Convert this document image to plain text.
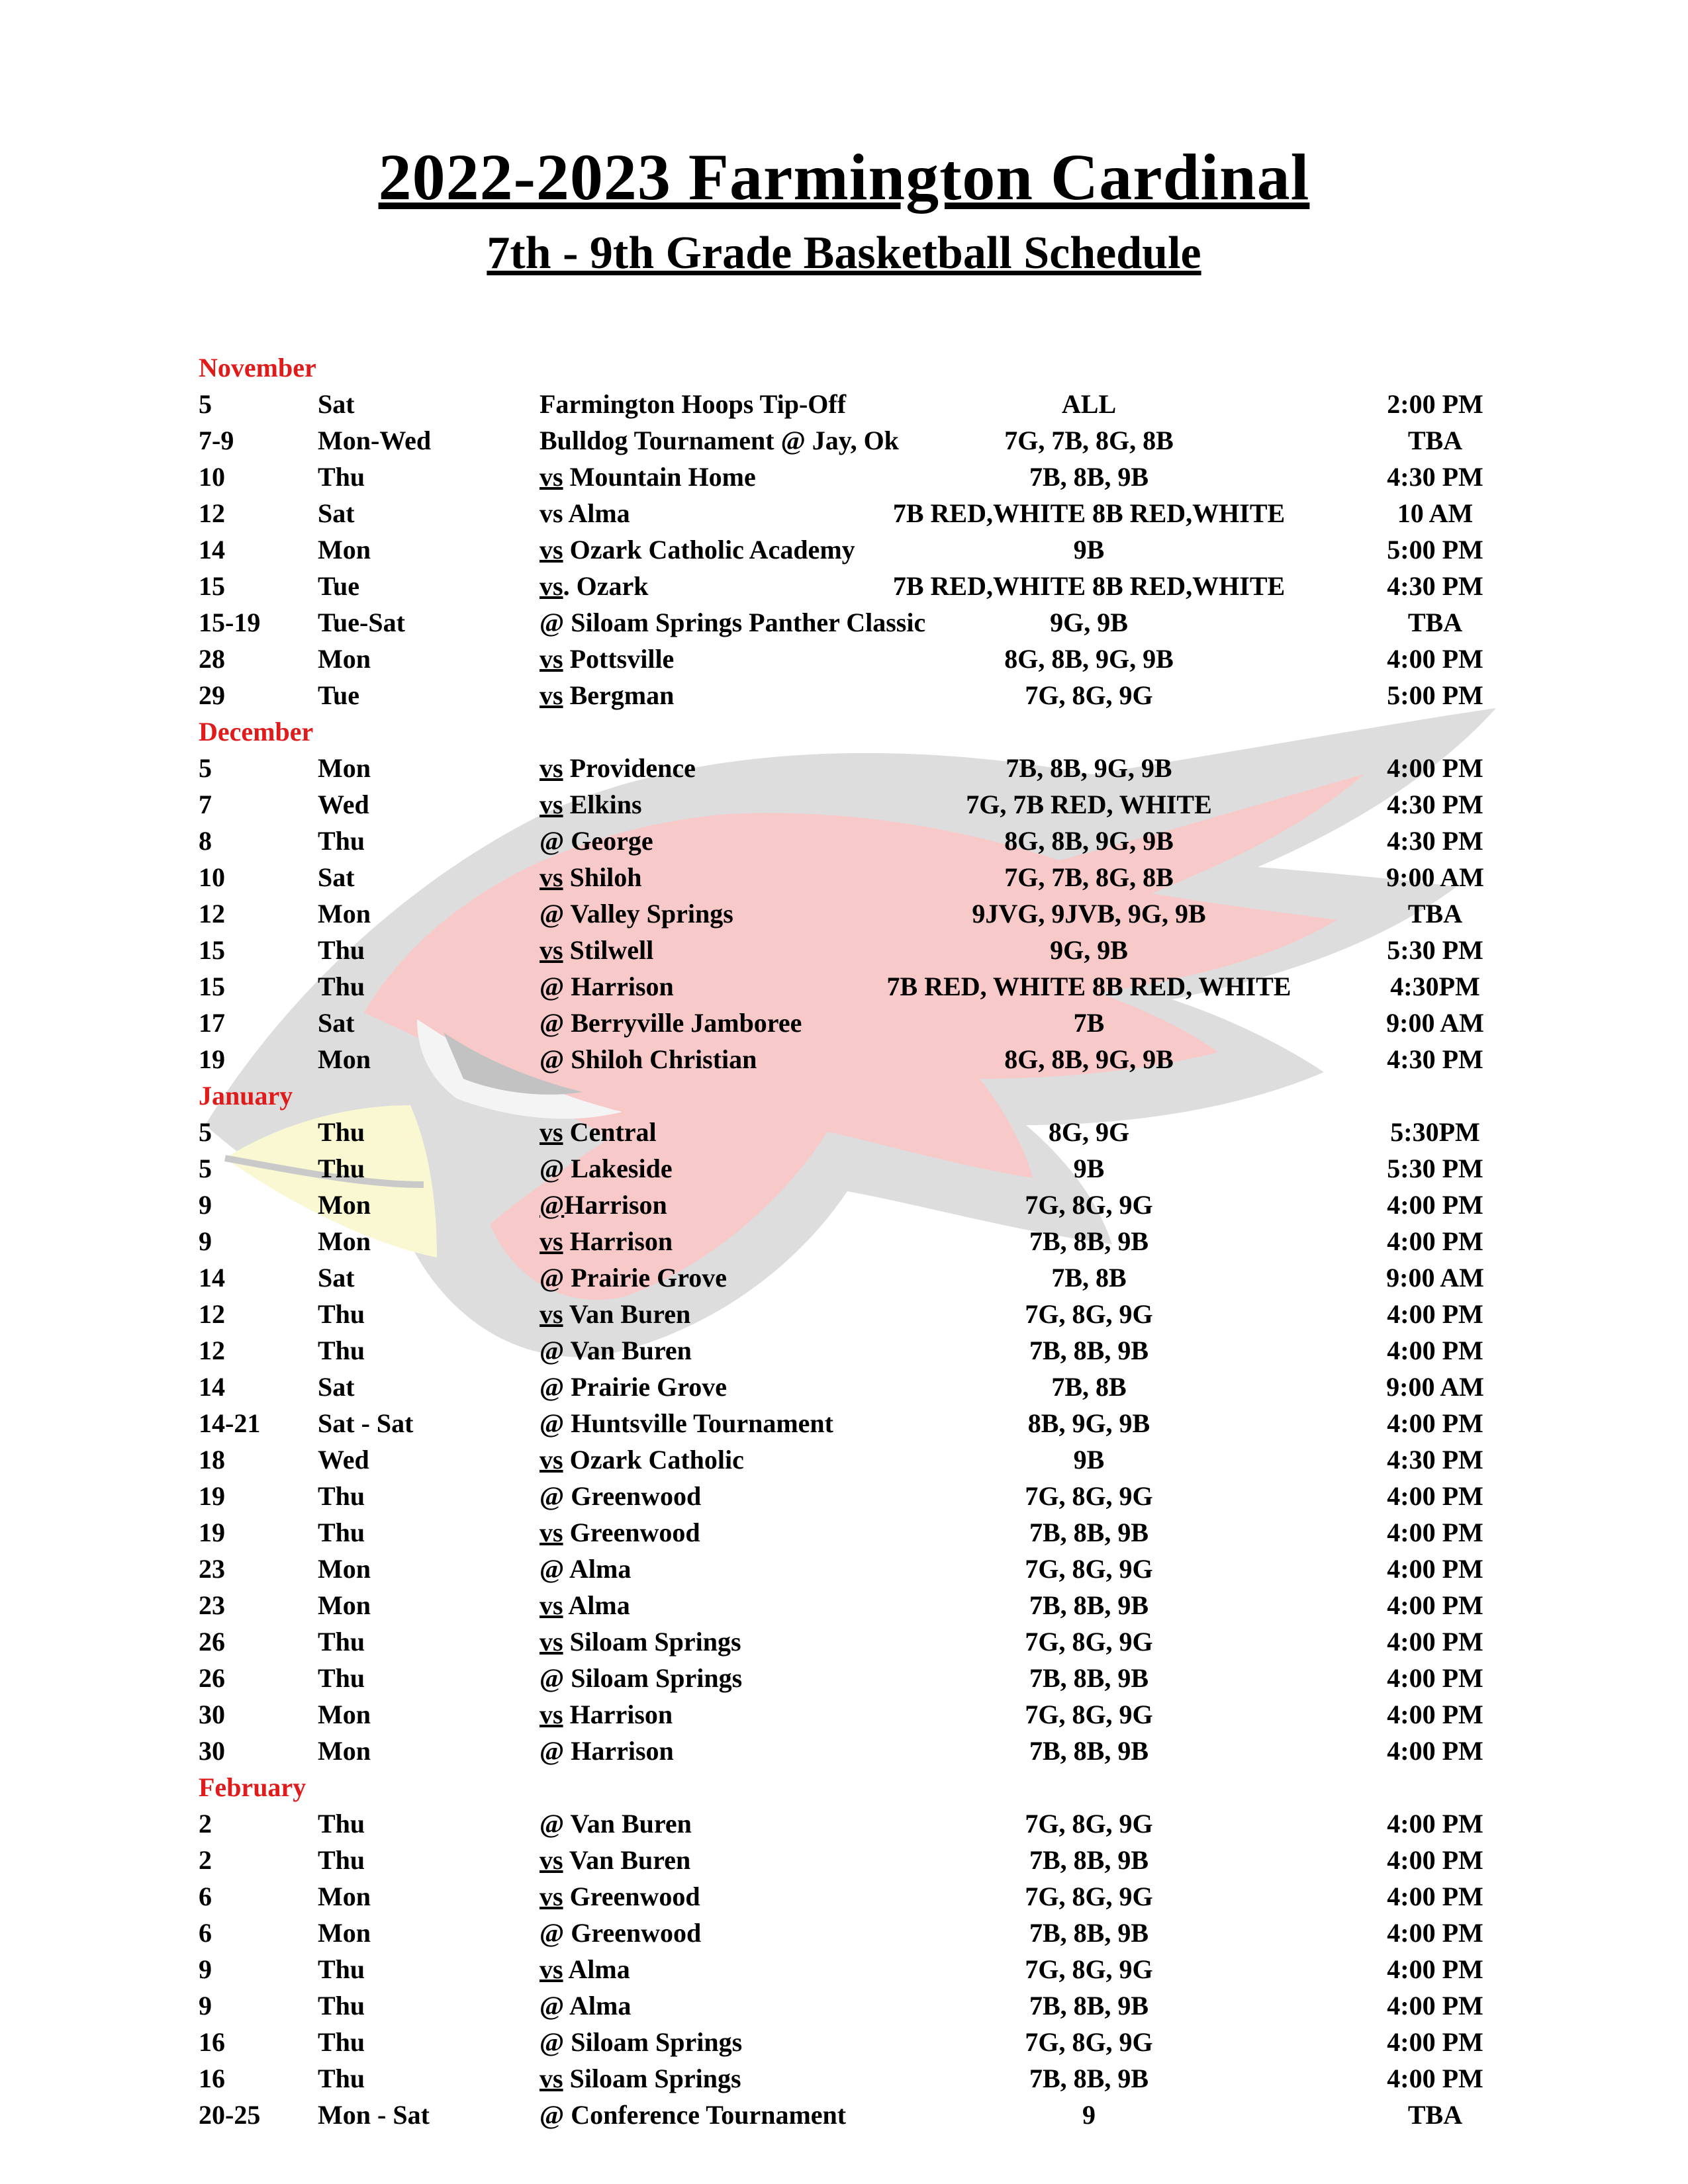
2022-2023 Farmington Cardinal
7th - 9th Grade Basketball Schedule
November
5	Sat	Farmington Hoops Tip-Off	ALL	2:00 PM
7-9	Mon-Wed	Bulldog Tournament @ Jay, Ok	7G, 7B, 8G, 8B	TBA
10	Thu	vs Mountain Home	7B, 8B, 9B	4:30 PM
12	Sat	vs Alma	7B RED,WHITE 8B RED,WHITE	10 AM
14	Mon	vs Ozark Catholic Academy	9B	5:00 PM
15	Tue	vs. Ozark	7B RED,WHITE 8B RED,WHITE	4:30 PM
15-19 Tue-Sat	@ Siloam Springs Panther Classic	9G, 9B	TBA
28	Mon	vs Pottsville	8G, 8B, 9G, 9B	4:00 PM
29	Tue	vs Bergman	7G, 8G, 9G	5:00 PM
December
5	Mon	vs Providence	7B, 8B, 9G, 9B	4:00 PM
7	Wed	vs Elkins	7G, 7B RED, WHITE	4:30 PM
8	Thu	@ George	8G, 8B, 9G, 9B	4:30 PM
10	Sat	vs Shiloh	7G, 7B, 8G, 8B	9:00 AM
12	Mon	@ Valley Springs	9JVG, 9JVB, 9G, 9B	TBA
15	Thu	vs Stilwell	9G, 9B	5:30 PM
15	Thu	@ Harrison	7B RED, WHITE 8B RED, WHITE	4:30PM
17	Sat	@ Berryville Jamboree	7B	9:00 AM
19	Mon	@ Shiloh Christian	8G, 8B, 9G, 9B	4:30 PM
January
5	Thu	vs Central	8G, 9G	5:30PM
5	Thu	@ Lakeside	9B	5:30 PM
9	Mon	@Harrison	7G, 8G, 9G	4:00 PM
9	Mon	vs Harrison	7B, 8B, 9B	4:00 PM
14	Sat	@ Prairie Grove	7B, 8B	9:00 AM
12	Thu	vs Van Buren	7G, 8G, 9G	4:00 PM
12	Thu	@ Van Buren	7B, 8B, 9B	4:00 PM
14	Sat	@ Prairie Grove	7B, 8B	9:00 AM
14-21 Sat - Sat	@ Huntsville Tournament	8B, 9G, 9B	4:00 PM
18	Wed	vs Ozark Catholic	9B	4:30 PM
19	Thu	@ Greenwood	7G, 8G, 9G	4:00 PM
19	Thu	vs Greenwood	7B, 8B, 9B	4:00 PM
23	Mon	@ Alma	7G, 8G, 9G	4:00 PM
23	Mon	vs Alma	7B, 8B, 9B	4:00 PM
26	Thu	vs Siloam Springs	7G, 8G, 9G	4:00 PM
26	Thu	@ Siloam Springs	7B, 8B, 9B	4:00 PM
30	Mon	vs Harrison	7G, 8G, 9G	4:00 PM
30	Mon	@ Harrison	7B, 8B, 9B	4:00 PM
February
2	Thu	@ Van Buren	7G, 8G, 9G	4:00 PM
2	Thu	vs Van Buren	7B, 8B, 9B	4:00 PM
6	Mon	vs Greenwood	7G, 8G, 9G	4:00 PM
6	Mon	@ Greenwood	7B, 8B, 9B	4:00 PM
9	Thu	vs Alma	7G, 8G, 9G	4:00 PM
9	Thu	@ Alma	7B, 8B, 9B	4:00 PM
16	Thu	@ Siloam Springs	7G, 8G, 9G	4:00 PM
16	Thu	vs Siloam Springs	7B, 8B, 9B	4:00 PM
20-25 Mon - Sat	@ Conference Tournament	9	TBA
